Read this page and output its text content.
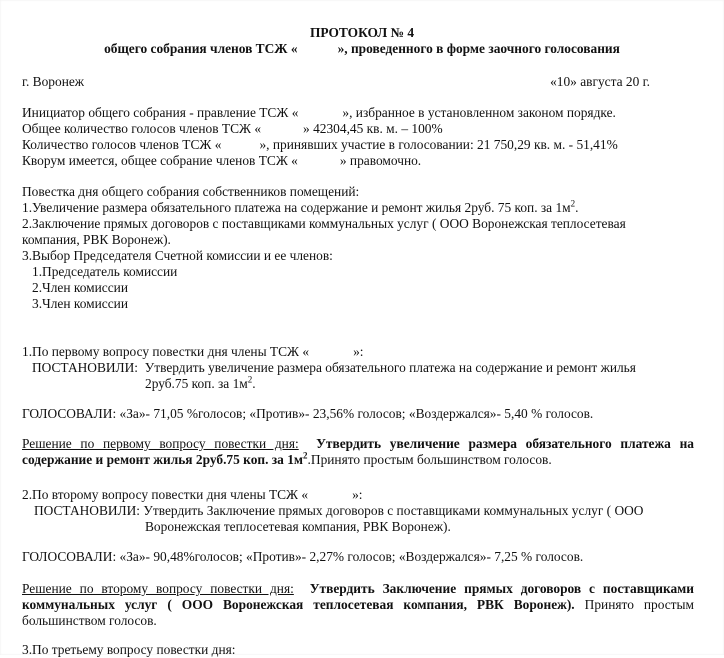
ПРОТОКОЛ № 4
общего собрания членов ТСЖ «	», проведенного в форме заочного голосования
г. Воронеж	«10» августа 20 г.
Инициатор общего собрания - правление ТСЖ «	», избранное в установленном законом порядке.
Общее количество голосов членов ТСЖ «	» 42304,45 кв. м. – 100%
Количество голосов членов ТСЖ «	», принявших участие в голосовании: 21 750,29 кв. м. - 51,41%
Кворум имеется, общее собрание членов ТСЖ «	» правомочно.
Повестка дня общего собрания собственников помещений:
1.Увеличение размера обязательного платежа на содержание и ремонт жилья 2руб. 75 коп. за $1м^2$.
2.Заключение прямых договоров с поставщиками коммунальных услуг ( ООО Воронежская теплосетевая
компания, РВК Воронеж).
3.Выбор Председателя Счетной комиссии и ее членов:
1.Председатель комиссии
2.Член комиссии
3.Член комиссии
1.По первому вопросу повестки дня члены ТСЖ «	»:
ПОСТАНОВИЛИ: Утвердить увеличение размера обязательного платежа на содержание и ремонт жилья
2руб.75 коп. за $1м^2$.
ГОЛОСОВАЛИ: «За»- 71,05 %голосов; «Против»- 23,56% голосов; «Воздержался»- 5,40 % голосов.
Решение по первому вопросу повестки дня: Утвердить увеличение размера обязательного платежа на
содержание и ремонт жилья 2руб.75 коп. за $1м^2.Принято$ простым большинством голосов.
2.По второму вопросу повестки дня члены ТСЖ «	»:
ПОСТАНОВИЛИ: Утвердить Заключение прямых договоров с поставщиками коммунальных услуг ( ООО
Воронежская теплосетевая компания, РВК Воронеж).
ГОЛОСОВАЛИ: «За»- 90,48%голосов; «Против»- 2,27% голосов; «Воздержался»- 7,25 % голосов.
Решение по второму вопросу повестки дня: Утвердить Заключение прямых договоров с поставщиками
коммунальных услуг ( ООО Воронежская теплосетевая компания, РВК Воронеж). Принято простым
большинством голосов.
3.По третьему вопросу повестки дня:
